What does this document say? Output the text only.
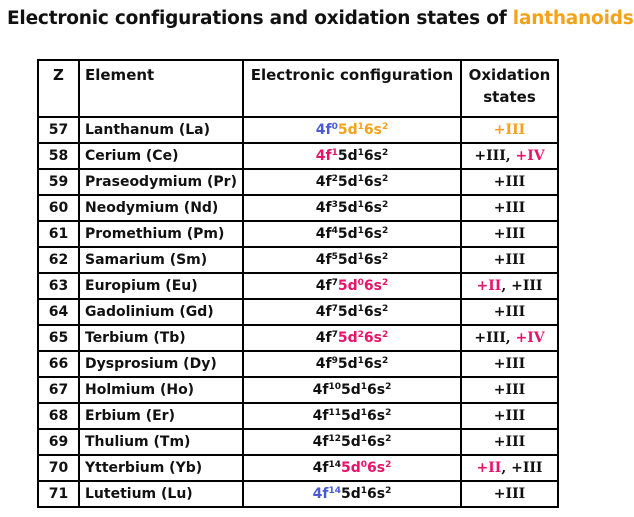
Electronic configurations and oxidation states of lanthanoids
Z	Element	Electronic configuration	Oxidation
states
57	Lanthanum (La)	$4f^05d^16s^2$	+III
58	Cerium (Ce)	$4f^15d^16s^2$	+III, +IV
59	Praseodymium (Pr)	$4f^25d^16s^2$	+III
60	Neodymium (Nd)	$4f^35d^16s^2$	+III
61	Promethium (Pm)	$4f^45d^16s^2$	+III
62	Samarium (Sm)	$4f^55d^16s^2$	+III
63	Europium (Eu)	$4f^75d^06s^2$	+II, +III
64	Gadolinium (Gd)	$4f^75d^16s^2$	+III
65	Terbium (Tb)	$4f^75d^26s^2$	+III, +IV
66	Dysprosium (Dy)	$4f^95d^16s^2$	+III
67	Holmium (Ho)	$4f^{10}5d^16s^2$	+III
68	Erbium (Er)	$4f^{11}5d^16s^2$	+III
69	Thulium (Tm)	$4f^{12}5d^16s^2$	+III
70	Ytterbium (Yb)	$4f^{14}5d^06s^2$	+II, +III
71	Lutetium (Lu)	$4f^{14}5d^16s^2$	+III
